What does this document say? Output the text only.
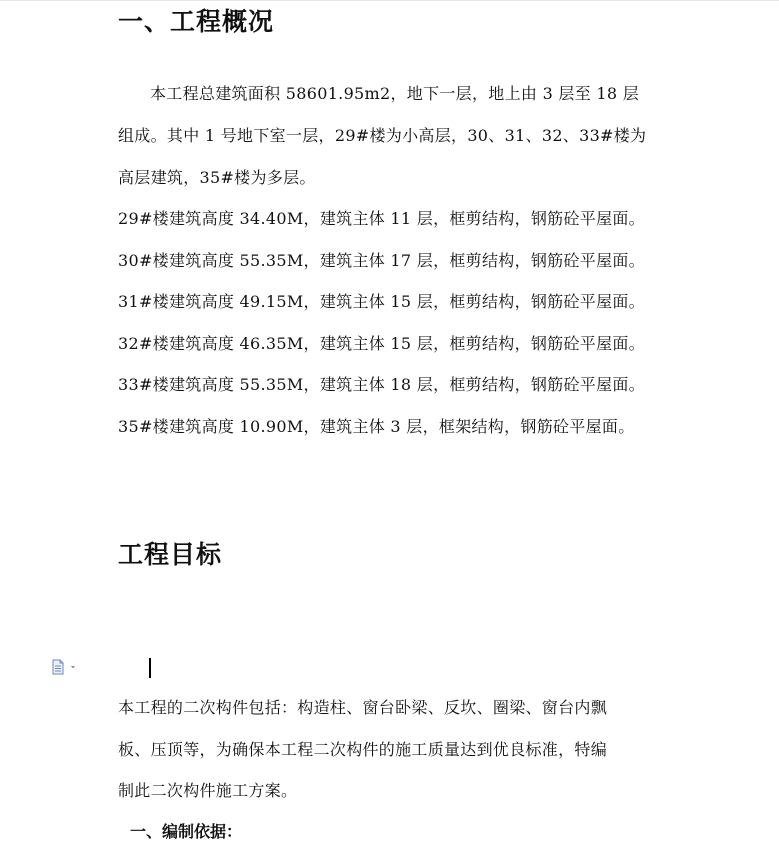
一、工程概况
本工程总建筑面积 58601.95m2，地下一层，地上由 3 层至 18 层
组成。其中 1 号地下室一层，29#楼为小高层，30、31、32、33#楼为
高层建筑，35#楼为多层。
29#楼建筑高度 34.40M，建筑主体 11 层，框剪结构，钢筋砼平屋面。
30#楼建筑高度 55.35M，建筑主体 17 层，框剪结构，钢筋砼平屋面。
31#楼建筑高度 49.15M，建筑主体 15 层，框剪结构，钢筋砼平屋面。
32#楼建筑高度 46.35M，建筑主体 15 层，框剪结构，钢筋砼平屋面。
33#楼建筑高度 55.35M，建筑主体 18 层，框剪结构，钢筋砼平屋面。
35#楼建筑高度 10.90M，建筑主体 3 层，框架结构，钢筋砼平屋面。
工程目标
本工程的二次构件包括：构造柱、窗台卧梁、反坎、圈梁、窗台内飘
板、压顶等，为确保本工程二次构件的施工质量达到优良标准，特编
制此二次构件施工方案。
一、编制依据：
